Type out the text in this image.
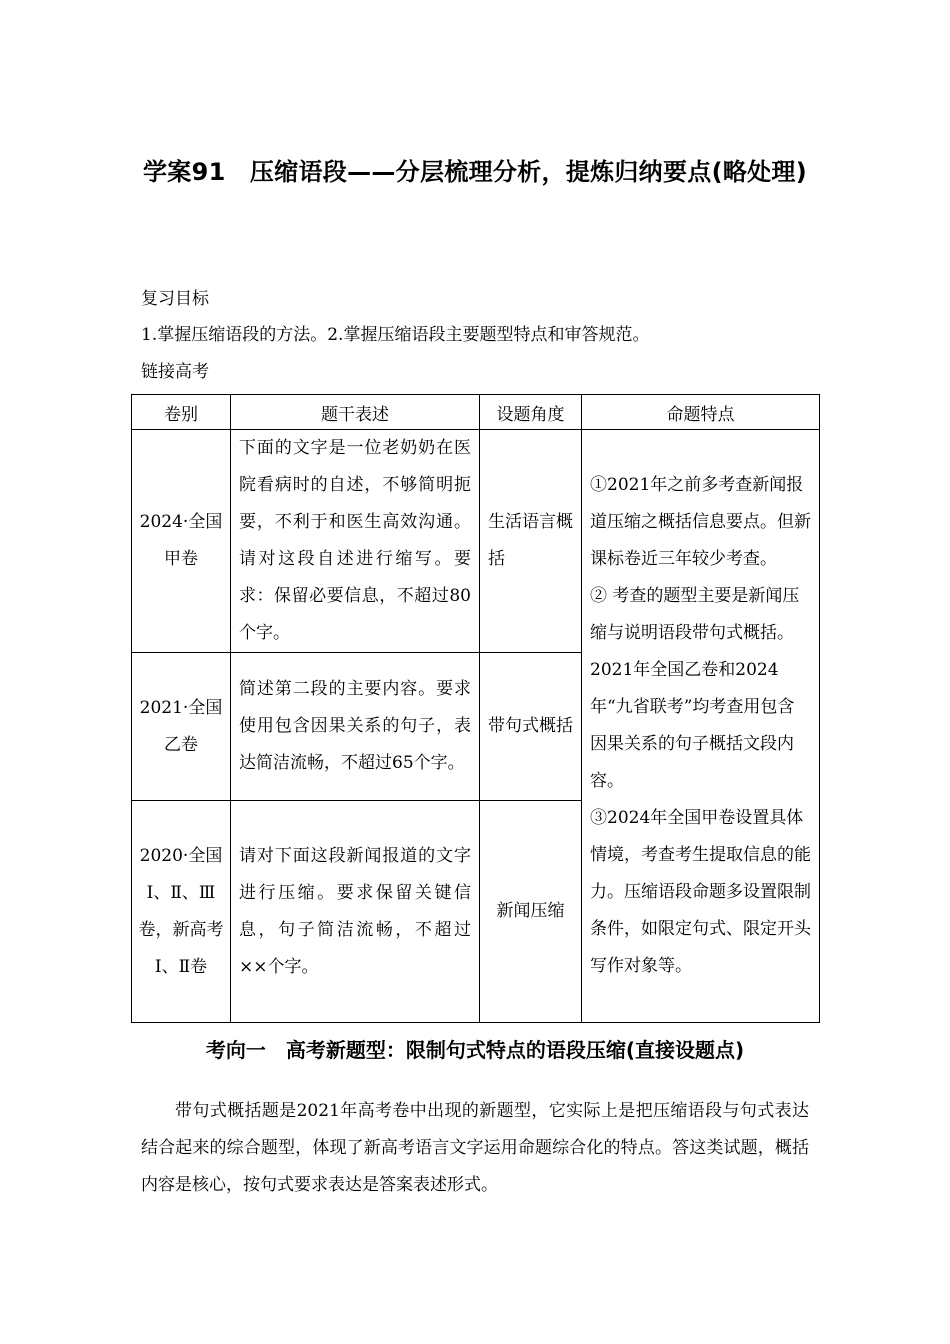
学案91　压缩语段——分层梳理分析，提炼归纳要点(略处理)
复习目标
1.掌握压缩语段的方法。2.掌握压缩语段主要题型特点和审答规范。
链接高考
卷别	题干表述	设题角度	命题特点

2024·全国甲卷	下面的文字是一位老奶奶在医院看病时的自述，不够简明扼要，不利于和医生高效沟通。请对这段自述进行缩写。要求：保留必要信息，不超过80个字。	生活语言概括	①2021年之前多考查新闻报道压缩之概括信息要点。但新课标卷近三年较少考查。
② 考查的题型主要是新闻压缩与说明语段带句式概括。2021年全国乙卷和2024年“九省联考”均考查用包含因果关系的句子概括文段内容。
③2024年全国甲卷设置具体情境，考查考生提取信息的能力。压缩语段命题多设置限制条件，如限定句式、限定开头写作对象等。

2021·全国乙卷	简述第二段的主要内容。要求使用包含因果关系的句子，表达简洁流畅，不超过65个字。	带句式概括	

2020·全国Ⅰ、Ⅱ、Ⅲ卷，新高考Ⅰ、Ⅱ卷	请对下面这段新闻报道的文字进行压缩。要求保留关键信息，句子简洁流畅，不超过××个字。	新闻压缩	
考向一　高考新题型：限制句式特点的语段压缩(直接设题点)
带句式概括题是2021年高考卷中出现的新题型，它实际上是把压缩语段与句式表达结合起来的综合题型，体现了新高考语言文字运用命题综合化的特点。答这类试题，概括内容是核心，按句式要求表达是答案表述形式。
